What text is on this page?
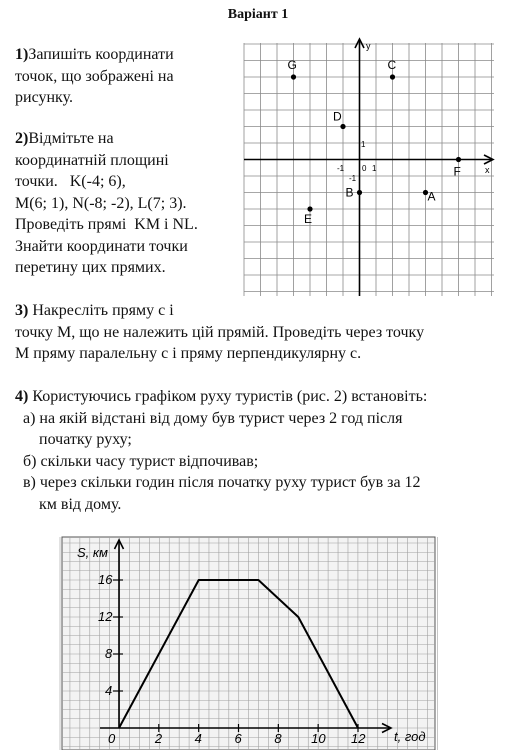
Варіант 1
1)Запишіть координати
точок, що зображені на
рисунку.
2)Відмітьте на
координатній площині
точки.   K(-4; 6),
M(6; 1), N(-8; -2), L(7; 3).
Проведіть прямі  KM і NL.
Знайти координати точки
перетину цих прямих.
x
y
0 1
1
-1
-1
G	C
D
B	A
E
F
3) Накресліть пряму с і
точку М, що не належить цій прямій. Проведіть через точку
М пряму паралельну с і пряму перпендикулярну с.
4) Користуючись графіком руху туристів (рис. 2) встановіть:
а) на якій відстані від дому був турист через 2 год після
початку руху;
б) скільки часу турист відпочивав;
в) через скільки годин після початку руху турист був за 12
км від дому.
0	2	4	6	8 10 12
4
8
12
16
S, км
t, год
